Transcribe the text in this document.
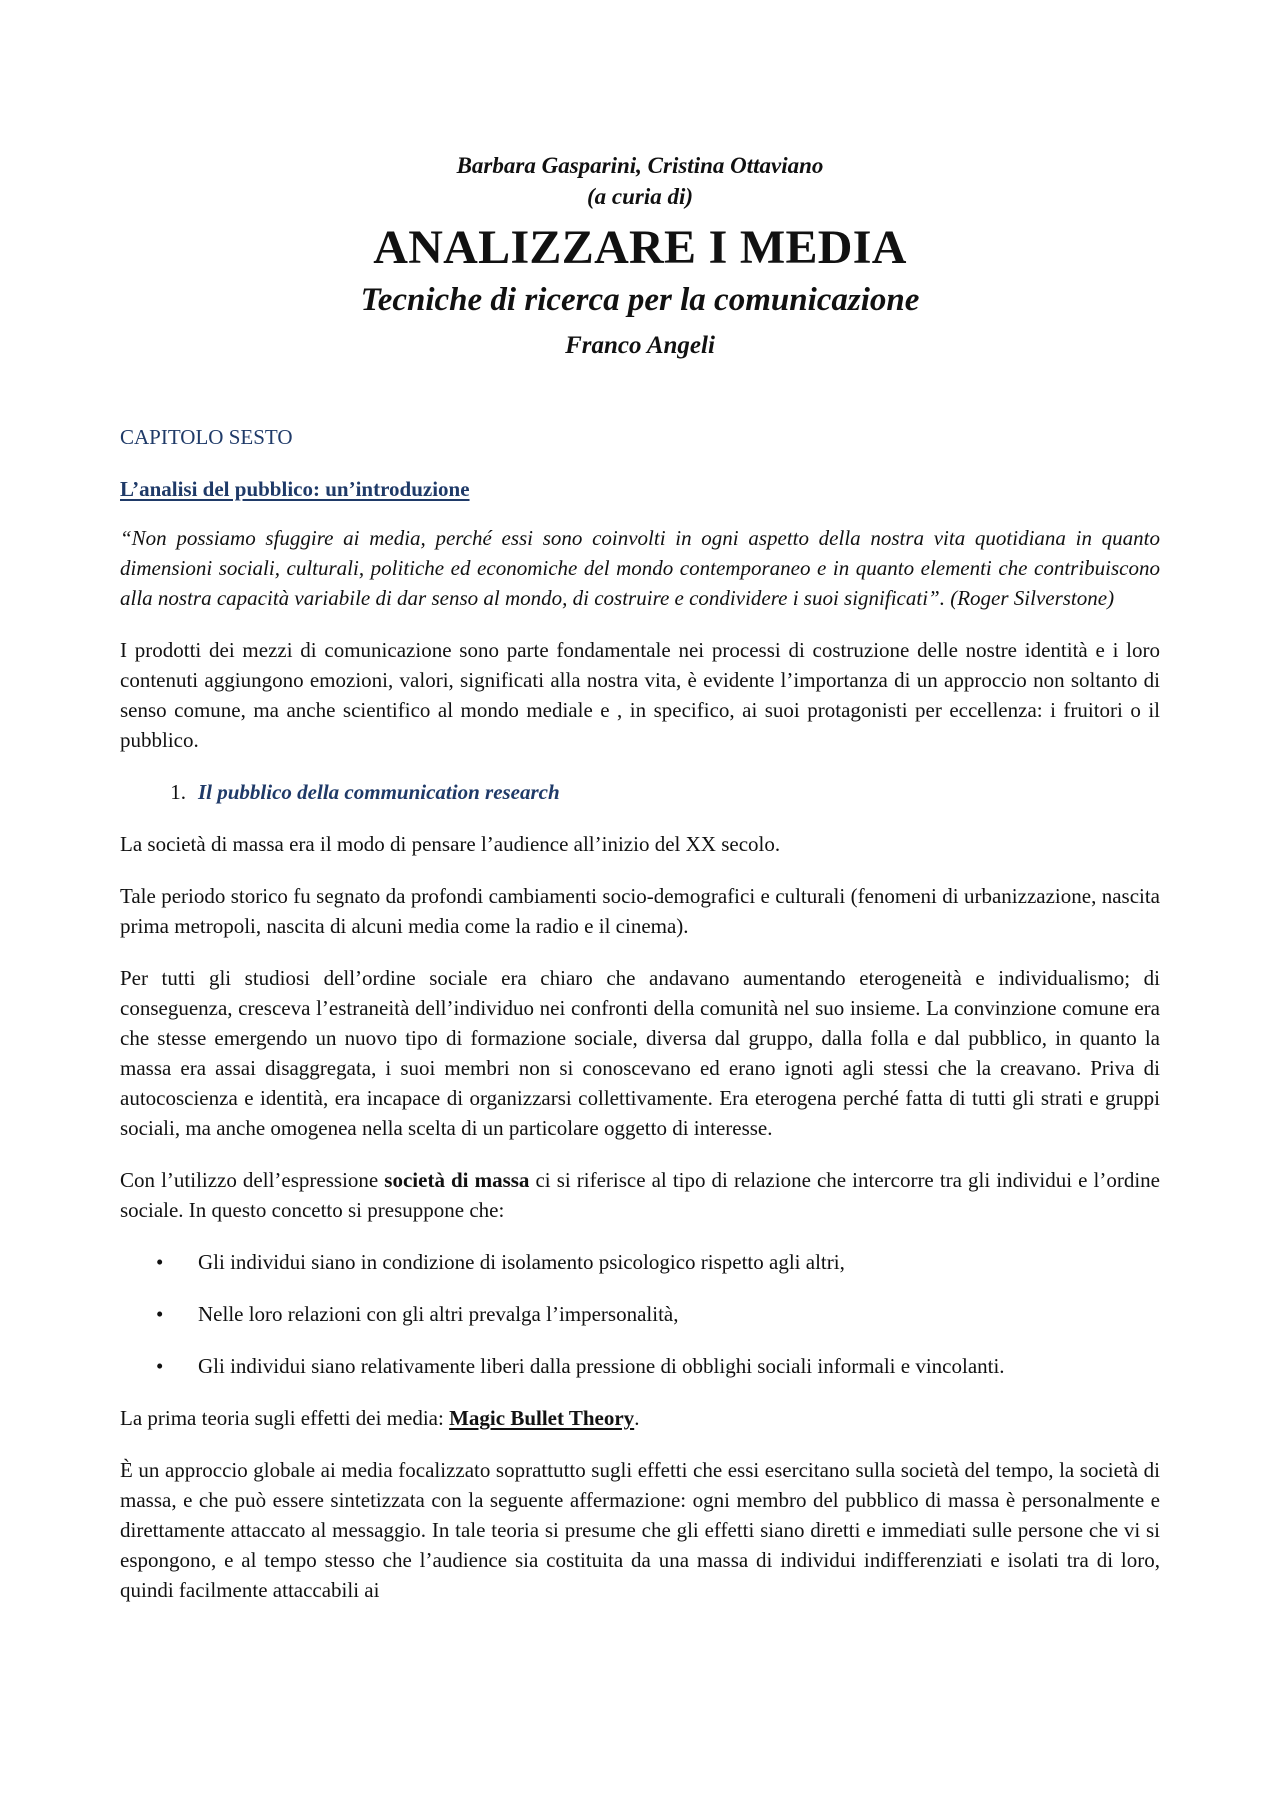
Barbara Gasparini, Cristina Ottaviano
(a curia di)
ANALIZZARE I MEDIA
Tecniche di ricerca per la comunicazione
Franco Angeli
CAPITOLO SESTO
L’analisi del pubblico: un’introduzione

“Non possiamo sfuggire ai media, perché essi sono coinvolti in ogni aspetto della nostra vita quotidiana in quanto dimensioni sociali, culturali, politiche ed economiche del mondo contemporaneo e in quanto elementi che contribuiscono alla nostra capacità variabile di dar senso al mondo, di costruire e condividere i suoi significati”. (Roger Silverstone)

I prodotti dei mezzi di comunicazione sono parte fondamentale nei processi di costruzione delle nostre identità e i loro contenuti aggiungono emozioni, valori, significati alla nostra vita, è evidente l’importanza di un approccio non soltanto di senso comune, ma anche scientifico al mondo mediale e , in specifico, ai suoi protagonisti per eccellenza: i fruitori o il pubblico.

1. Il pubblico della communication research

La società di massa era il modo di pensare l’audience all’inizio del XX secolo.

Tale periodo storico fu segnato da profondi cambiamenti socio-demografici e culturali (fenomeni di urbanizzazione, nascita prima metropoli, nascita di alcuni media come la radio e il cinema).

Per tutti gli studiosi dell’ordine sociale era chiaro che andavano aumentando eterogeneità e individualismo; di conseguenza, cresceva l’estraneità dell’individuo nei confronti della comunità nel suo insieme. La convinzione comune era che stesse emergendo un nuovo tipo di formazione sociale, diversa dal gruppo, dalla folla e dal pubblico, in quanto la massa era assai disaggregata, i suoi membri non si conoscevano ed erano ignoti agli stessi che la creavano. Priva di autocoscienza e identità, era incapace di organizzarsi collettivamente. Era eterogena perché fatta di tutti gli strati e gruppi sociali, ma anche omogenea nella scelta di un particolare oggetto di interesse.

Con l’utilizzo dell’espressione società di massa ci si riferisce al tipo di relazione che intercorre tra gli individui e l’ordine sociale. In questo concetto si presuppone che:

•	Gli individui siano in condizione di isolamento psicologico rispetto agli altri,
•	Nelle loro relazioni con gli altri prevalga l’impersonalità,
•	Gli individui siano relativamente liberi dalla pressione di obblighi sociali informali e vincolanti.

La prima teoria sugli effetti dei media: Magic Bullet Theory.

È un approccio globale ai media focalizzato soprattutto sugli effetti che essi esercitano sulla società del tempo, la società di massa, e che può essere sintetizzata con la seguente affermazione: ogni membro del pubblico di massa è personalmente e direttamente attaccato al messaggio. In tale teoria si presume che gli effetti siano diretti e immediati sulle persone che vi si espongono, e al tempo stesso che l’audience sia costituita da una massa di individui indifferenziati e isolati tra di loro, quindi facilmente attaccabili ai
